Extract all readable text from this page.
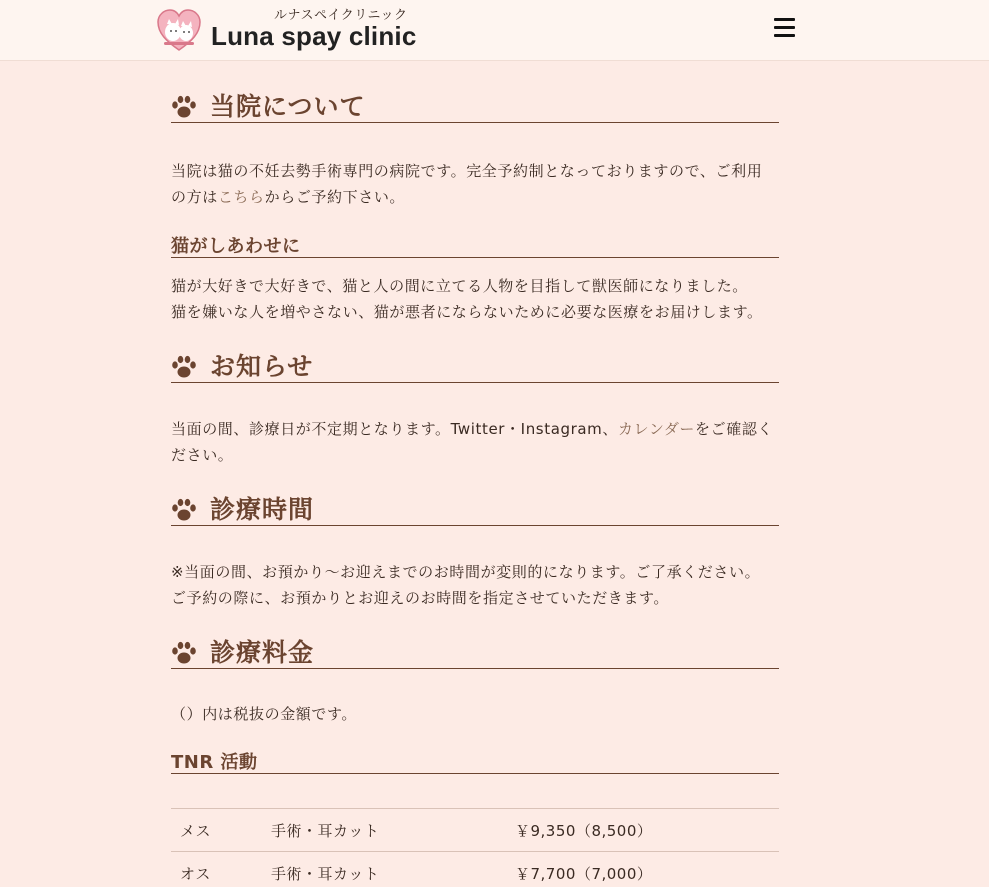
ルナスペイクリニック
Luna spay clinic
当院について
当院は猫の不妊去勢手術専門の病院です。完全予約制となっておりますので、ご利用
の方はこちらからご予約下さい。
猫がしあわせに
猫が大好きで大好きで、猫と人の間に立てる人物を目指して獣医師になりました。
猫を嫌いな人を増やさない、猫が悪者にならないために必要な医療をお届けします。
お知らせ
当面の間、診療日が不定期となります。Twitter・Instagram、カレンダーをご確認く
ださい。
診療時間
※当面の間、お預かり～お迎えまでのお時間が変則的になります。ご了承ください。
ご予約の際に、お預かりとお迎えのお時間を指定させていただきます。
診療料金
（）内は税抜の金額です。
TNR 活動
メス	手術・耳カット	￥9,350（8,500）
オス	手術・耳カット	￥7,700（7,000）
